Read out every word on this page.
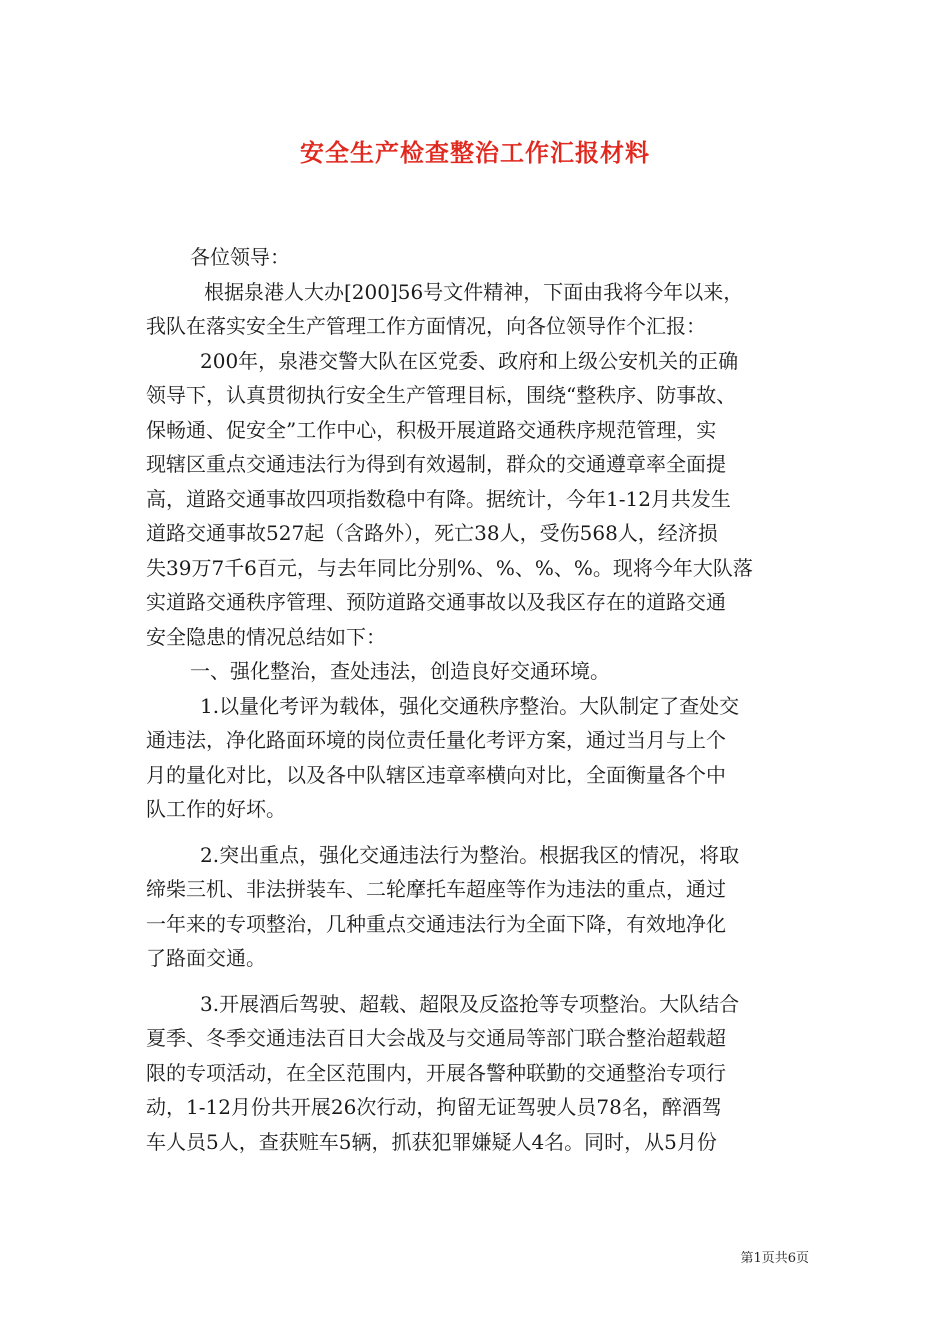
安全生产检查整治工作汇报材料
各位领导：
根据泉港人大办[200]56号文件精神，下面由我将今年以来，
我队在落实安全生产管理工作方面情况，向各位领导作个汇报：
200年，泉港交警大队在区党委、政府和上级公安机关的正确
领导下，认真贯彻执行安全生产管理目标，围绕“整秩序、防事故、
保畅通、促安全”工作中心，积极开展道路交通秩序规范管理，实
现辖区重点交通违法行为得到有效遏制，群众的交通遵章率全面提
高，道路交通事故四项指数稳中有降。据统计，今年1-12月共发生
道路交通事故527起（含路外），死亡38人，受伤568人，经济损
失39万7千6百元，与去年同比分别%、%、%、%。现将今年大队落
实道路交通秩序管理、预防道路交通事故以及我区存在的道路交通
安全隐患的情况总结如下：
一、强化整治，查处违法，创造良好交通环境。
1.以量化考评为载体，强化交通秩序整治。大队制定了查处交
通违法，净化路面环境的岗位责任量化考评方案，通过当月与上个
月的量化对比，以及各中队辖区违章率横向对比，全面衡量各个中
队工作的好坏。
2.突出重点，强化交通违法行为整治。根据我区的情况，将取
缔柴三机、非法拼装车、二轮摩托车超座等作为违法的重点，通过
一年来的专项整治，几种重点交通违法行为全面下降，有效地净化
了路面交通。
3.开展酒后驾驶、超载、超限及反盗抢等专项整治。大队结合
夏季、冬季交通违法百日大会战及与交通局等部门联合整治超载超
限的专项活动，在全区范围内，开展各警种联勤的交通整治专项行
动，1-12月份共开展26次行动，拘留无证驾驶人员78名，醉酒驾
车人员5人，查获赃车5辆，抓获犯罪嫌疑人4名。同时，从5月份
第1页共6页
